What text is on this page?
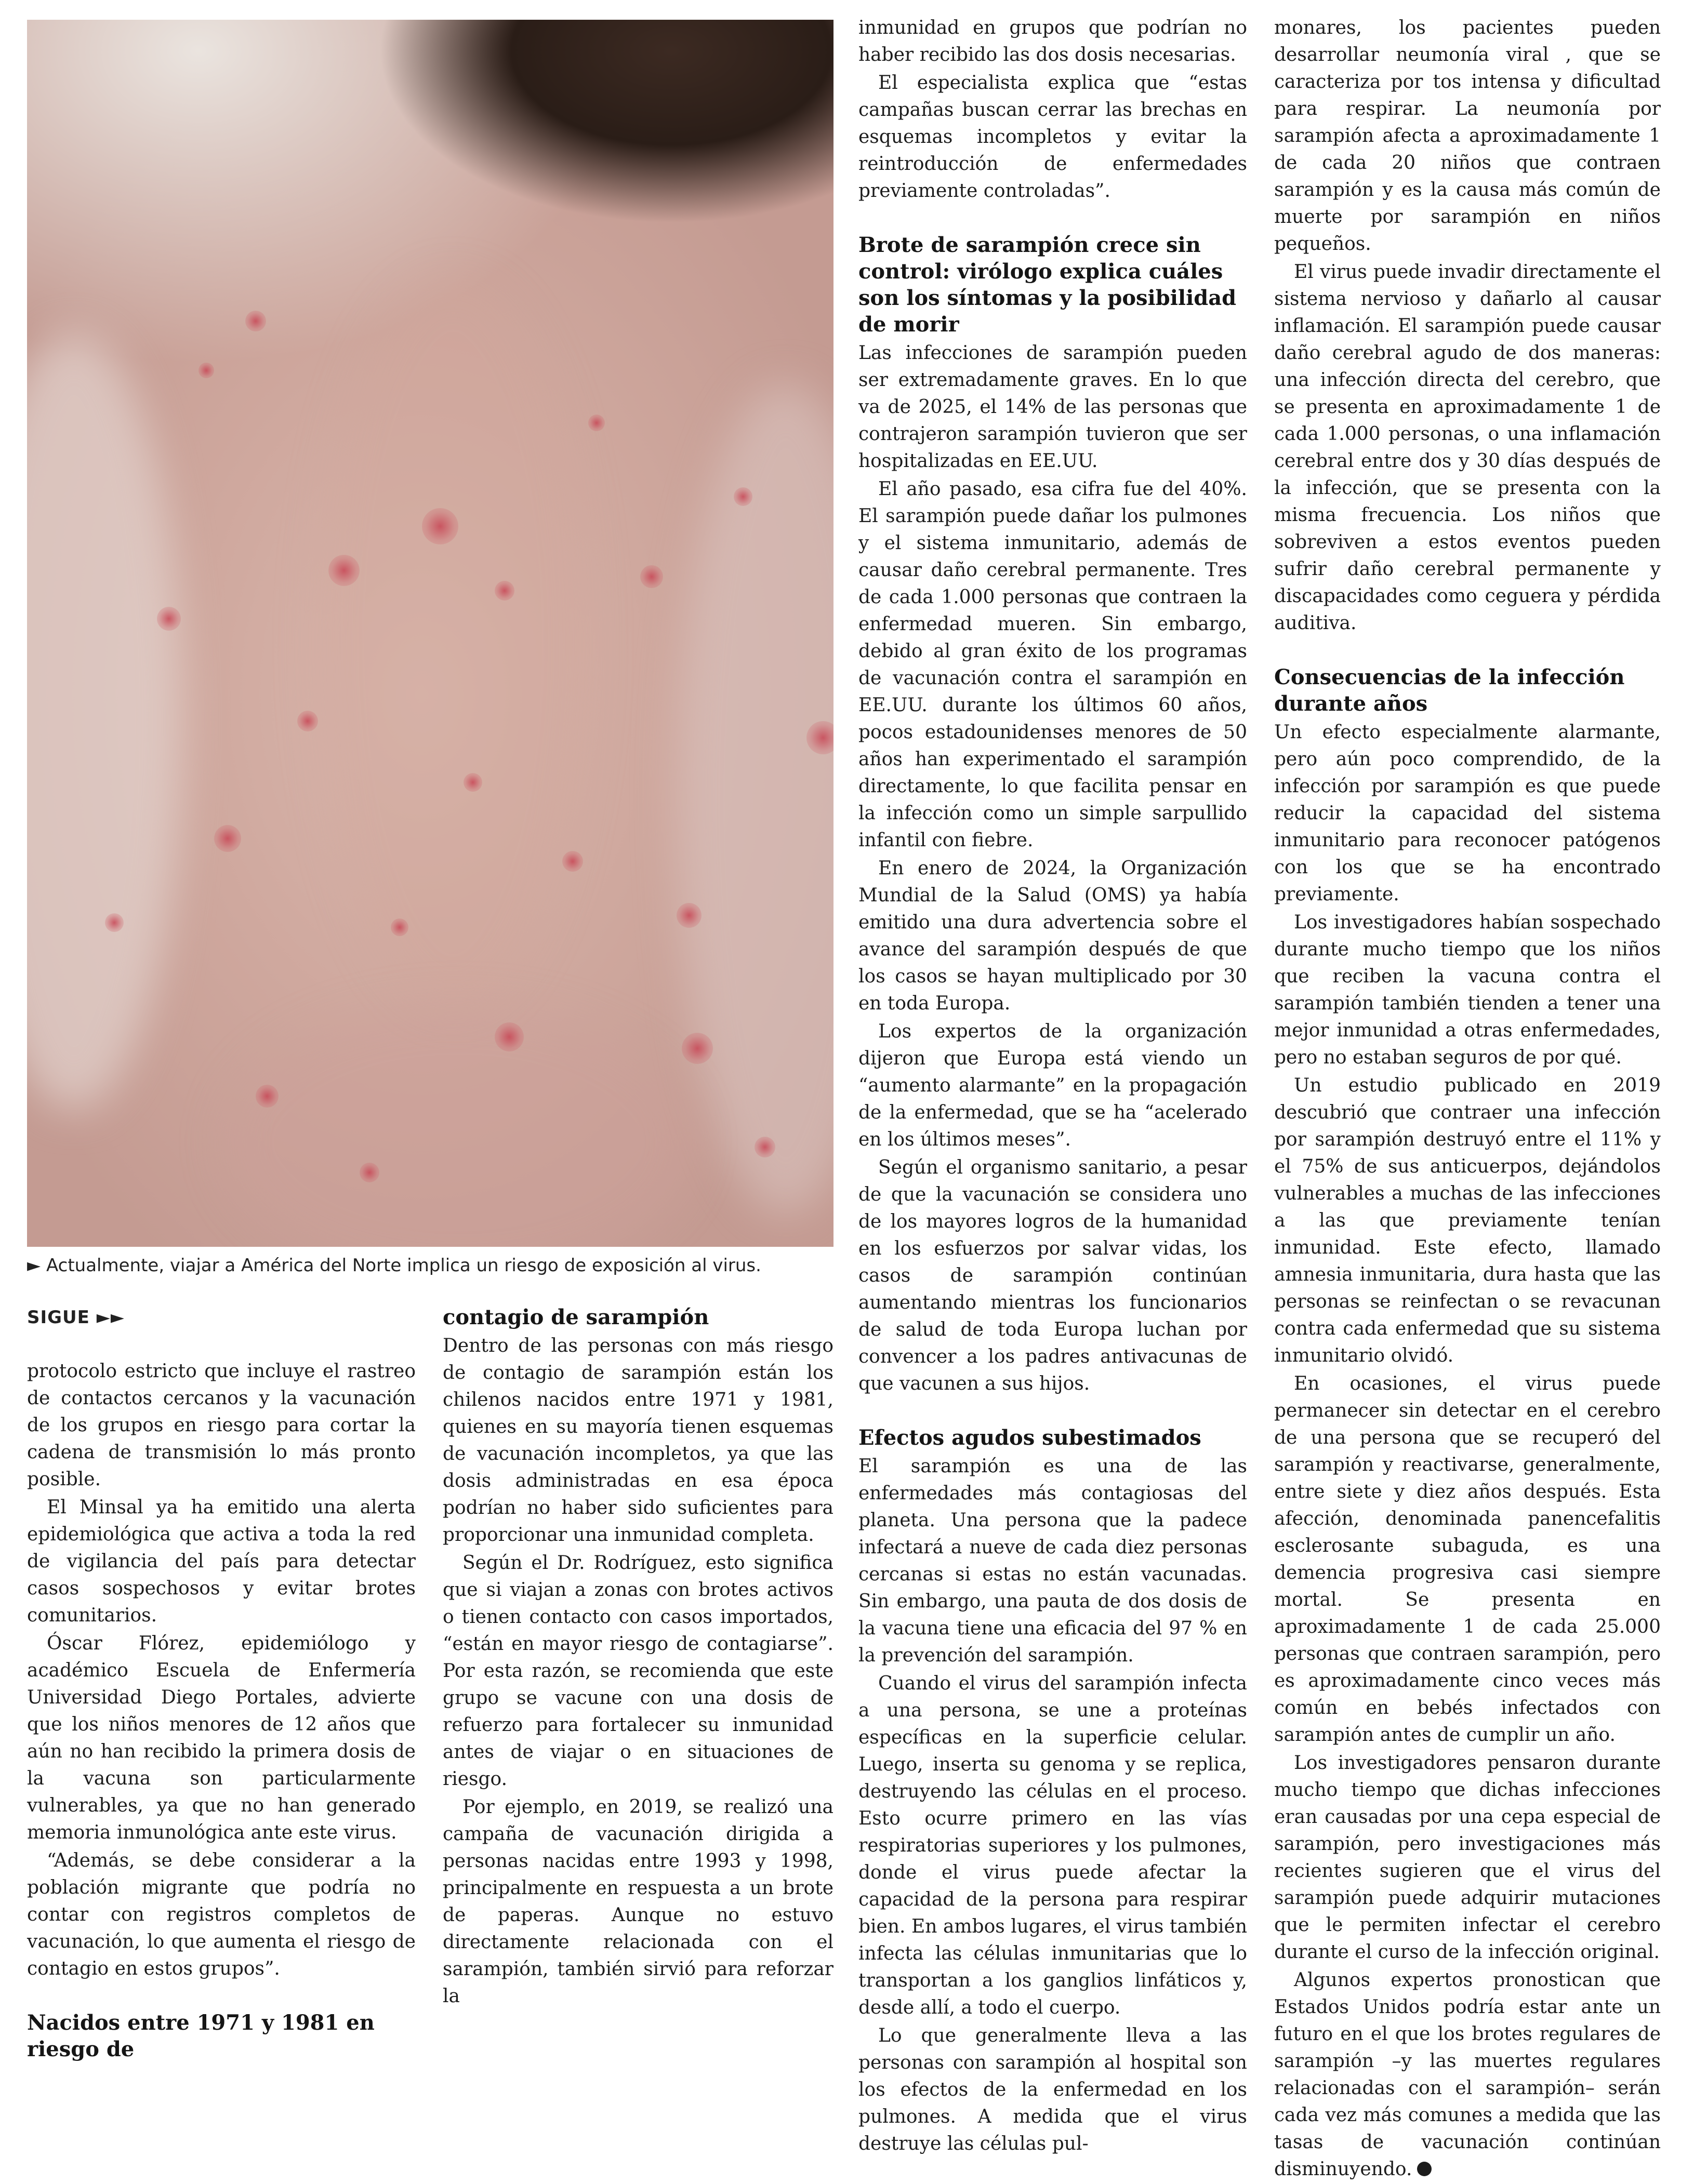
► Actualmente, viajar a América del Norte implica un riesgo de exposición al virus.
SIGUE ►►

protocolo estricto que incluye el rastreo de contactos cercanos y la vacunación de los grupos en riesgo para cortar la cadena de transmisión lo más pronto posible.

El Minsal ya ha emitido una alerta epidemiológica que activa a toda la red de vigilancia del país para detectar casos sospechosos y evitar brotes comunitarios.

Óscar Flórez, epidemiólogo y académico Escuela de Enfermería Universidad Diego Portales, advierte que los niños menores de 12 años que aún no han recibido la primera dosis de la vacuna son particularmente vulnerables, ya que no han generado memoria inmunológica ante este virus.

“Además, se debe considerar a la población migrante que podría no contar con registros completos de vacunación, lo que aumenta el riesgo de contagio en estos grupos”.

Nacidos entre 1971 y 1981 en riesgo de
contagio de sarampión

Dentro de las personas con más riesgo de contagio de sarampión están los chilenos nacidos entre 1971 y 1981, quienes en su mayoría tienen esquemas de vacunación incompletos, ya que las dosis administradas en esa época podrían no haber sido suficientes para proporcionar una inmunidad completa.

Según el Dr. Rodríguez, esto significa que si viajan a zonas con brotes activos o tienen contacto con casos importados, “están en mayor riesgo de contagiarse”. Por esta razón, se recomienda que este grupo se vacune con una dosis de refuerzo para fortalecer su inmunidad antes de viajar o en situaciones de riesgo.

Por ejemplo, en 2019, se realizó una campaña de vacunación dirigida a personas nacidas entre 1993 y 1998, principalmente en respuesta a un brote de paperas. Aunque no estuvo directamente relacionada con el sarampión, también sirvió para reforzar la

inmunidad en grupos que podrían no haber recibido las dos dosis necesarias.

El especialista explica que “estas campañas buscan cerrar las brechas en esquemas incompletos y evitar la reintroducción de enfermedades previamente controladas”.

Brote de sarampión crece sin control: virólogo explica cuáles son los síntomas y la posibilidad de morir

Las infecciones de sarampión pueden ser extremadamente graves. En lo que va de 2025, el 14% de las personas que contrajeron sarampión tuvieron que ser hospitalizadas en EE.UU.

El año pasado, esa cifra fue del 40%. El sarampión puede dañar los pulmones y el sistema inmunitario, además de causar daño cerebral permanente. Tres de cada 1.000 personas que contraen la enfermedad mueren. Sin embargo, debido al gran éxito de los programas de vacunación contra el sarampión en EE.UU. durante los últimos 60 años, pocos estadounidenses menores de 50 años han experimentado el sarampión directamente, lo que facilita pensar en la infección como un simple sarpullido infantil con fiebre.

En enero de 2024, la Organización Mundial de la Salud (OMS) ya había emitido una dura advertencia sobre el avance del sarampión después de que los casos se hayan multiplicado por 30 en toda Europa.

Los expertos de la organización dijeron que Europa está viendo un “aumento alarmante” en la propagación de la enfermedad, que se ha “acelerado en los últimos meses”.

Según el organismo sanitario, a pesar de que la vacunación se considera uno de los mayores logros de la humanidad en los esfuerzos por salvar vidas, los casos de sarampión continúan aumentando mientras los funcionarios de salud de toda Europa luchan por convencer a los padres antivacunas de que vacunen a sus hijos.

Efectos agudos subestimados

El sarampión es una de las enfermedades más contagiosas del planeta. Una persona que la padece infectará a nueve de cada diez personas cercanas si estas no están vacunadas. Sin embargo, una pauta de dos dosis de la vacuna tiene una eficacia del 97 % en la prevención del sarampión.

Cuando el virus del sarampión infecta a una persona, se une a proteínas específicas en la superficie celular. Luego, inserta su genoma y se replica, destruyendo las células en el proceso. Esto ocurre primero en las vías respiratorias superiores y los pulmones, donde el virus puede afectar la capacidad de la persona para respirar bien. En ambos lugares, el virus también infecta las células inmunitarias que lo transportan a los ganglios linfáticos y, desde allí, a todo el cuerpo.

Lo que generalmente lleva a las personas con sarampión al hospital son los efectos de la enfermedad en los pulmones. A medida que el virus destruye las células pul-

monares, los pacientes pueden desarrollar neumonía viral , que se caracteriza por tos intensa y dificultad para respirar. La neumonía por sarampión afecta a aproximadamente 1 de cada 20 niños que contraen sarampión y es la causa más común de muerte por sarampión en niños pequeños.

El virus puede invadir directamente el sistema nervioso y dañarlo al causar inflamación. El sarampión puede causar daño cerebral agudo de dos maneras: una infección directa del cerebro, que se presenta en aproximadamente 1 de cada 1.000 personas, o una inflamación cerebral entre dos y 30 días después de la infección, que se presenta con la misma frecuencia. Los niños que sobreviven a estos eventos pueden sufrir daño cerebral permanente y discapacidades como ceguera y pérdida auditiva.

Consecuencias de la infección durante años

Un efecto especialmente alarmante, pero aún poco comprendido, de la infección por sarampión es que puede reducir la capacidad del sistema inmunitario para reconocer patógenos con los que se ha encontrado previamente.

Los investigadores habían sospechado durante mucho tiempo que los niños que reciben la vacuna contra el sarampión también tienden a tener una mejor inmunidad a otras enfermedades, pero no estaban seguros de por qué.

Un estudio publicado en 2019 descubrió que contraer una infección por sarampión destruyó entre el 11% y el 75% de sus anticuerpos, dejándolos vulnerables a muchas de las infecciones a las que previamente tenían inmunidad. Este efecto, llamado amnesia inmunitaria, dura hasta que las personas se reinfectan o se revacunan contra cada enfermedad que su sistema inmunitario olvidó.

En ocasiones, el virus puede permanecer sin detectar en el cerebro de una persona que se recuperó del sarampión y reactivarse, generalmente, entre siete y diez años después. Esta afección, denominada panencefalitis esclerosante subaguda, es una demencia progresiva casi siempre mortal. Se presenta en aproximadamente 1 de cada 25.000 personas que contraen sarampión, pero es aproximadamente cinco veces más común en bebés infectados con sarampión antes de cumplir un año.

Los investigadores pensaron durante mucho tiempo que dichas infecciones eran causadas por una cepa especial de sarampión, pero investigaciones más recientes sugieren que el virus del sarampión puede adquirir mutaciones que le permiten infectar el cerebro durante el curso de la infección original.

Algunos expertos pronostican que Estados Unidos podría estar ante un futuro en el que los brotes regulares de sarampión –y las muertes regulares relacionadas con el sarampión– serán cada vez más comunes a medida que las tasas de vacunación continúan disminuyendo.
